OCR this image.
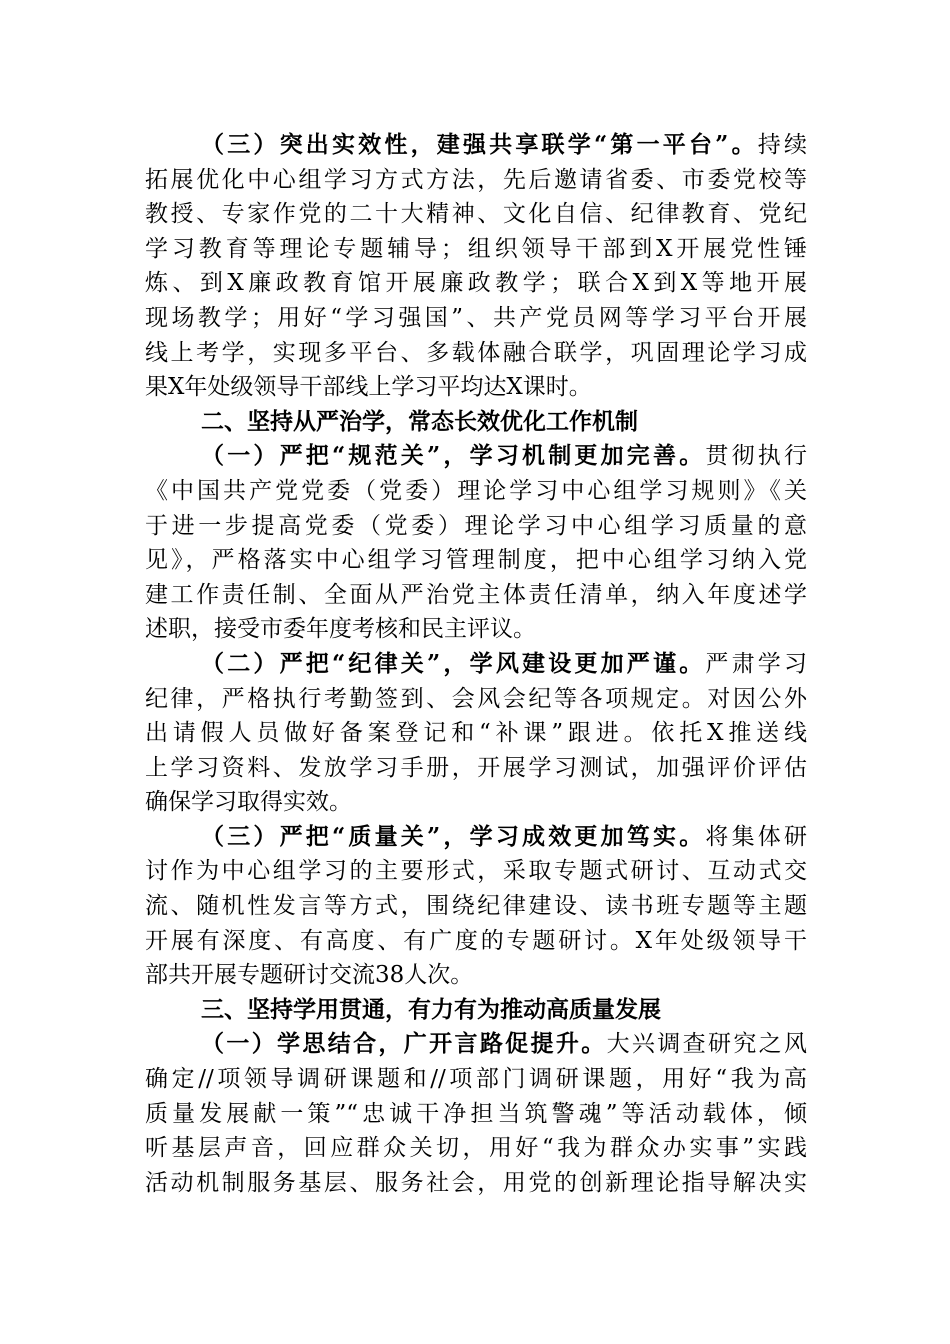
（三）突出实效性，建强共享联学“第一平台”。持续
拓展优化中心组学习方式方法，先后邀请省委、市委党校等
教授、专家作党的二十大精神、文化自信、纪律教育、党纪
学习教育等理论专题辅导；组织领导干部到X开展党性锤
炼、到X廉政教育馆开展廉政教学；联合X到X等地开展
现场教学；用好“学习强国”、共产党员网等学习平台开展
线上考学，实现多平台、多载体融合联学，巩固理论学习成
果X年处级领导干部线上学习平均达X课时。
二、坚持从严治学，常态长效优化工作机制
（一）严把“规范关”，学习机制更加完善。贯彻执行
《中国共产党党委（党委）理论学习中心组学习规则》《关
于进一步提高党委（党委）理论学习中心组学习质量的意
见》，严格落实中心组学习管理制度，把中心组学习纳入党
建工作责任制、全面从严治党主体责任清单，纳入年度述学
述职，接受市委年度考核和民主评议。
（二）严把“纪律关”，学风建设更加严谨。严肃学习
纪律，严格执行考勤签到、会风会纪等各项规定。对因公外
出请假人员做好备案登记和“补课”跟进。依托X推送线
上学习资料、发放学习手册，开展学习测试，加强评价评估
确保学习取得实效。
（三）严把“质量关”，学习成效更加笃实。将集体研
讨作为中心组学习的主要形式，采取专题式研讨、互动式交
流、随机性发言等方式，围绕纪律建设、读书班专题等主题
开展有深度、有高度、有广度的专题研讨。X年处级领导干
部共开展专题研讨交流38人次。
三、坚持学用贯通，有力有为推动高质量发展
（一）学思结合，广开言路促提升。大兴调查研究之风
确定//项领导调研课题和//项部门调研课题，用好“我为高
质量发展献一策”“忠诚干净担当筑警魂”等活动载体，倾
听基层声音，回应群众关切，用好“我为群众办实事”实践
活动机制服务基层、服务社会，用党的创新理论指导解决实
